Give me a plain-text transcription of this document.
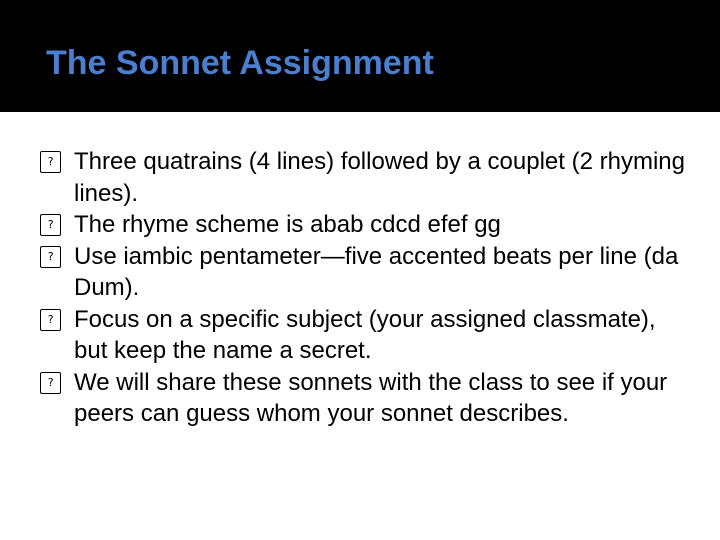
The Sonnet Assignment
? Three quatrains (4 lines) followed by a couplet (2 rhyming lines).
? The rhyme scheme is abab cdcd efef gg
? Use iambic pentameter—five accented beats per line (da Dum).
? Focus on a specific subject (your assigned classmate), but keep the name a secret.
? We will share these sonnets with the class to see if your peers can guess whom your sonnet describes.
